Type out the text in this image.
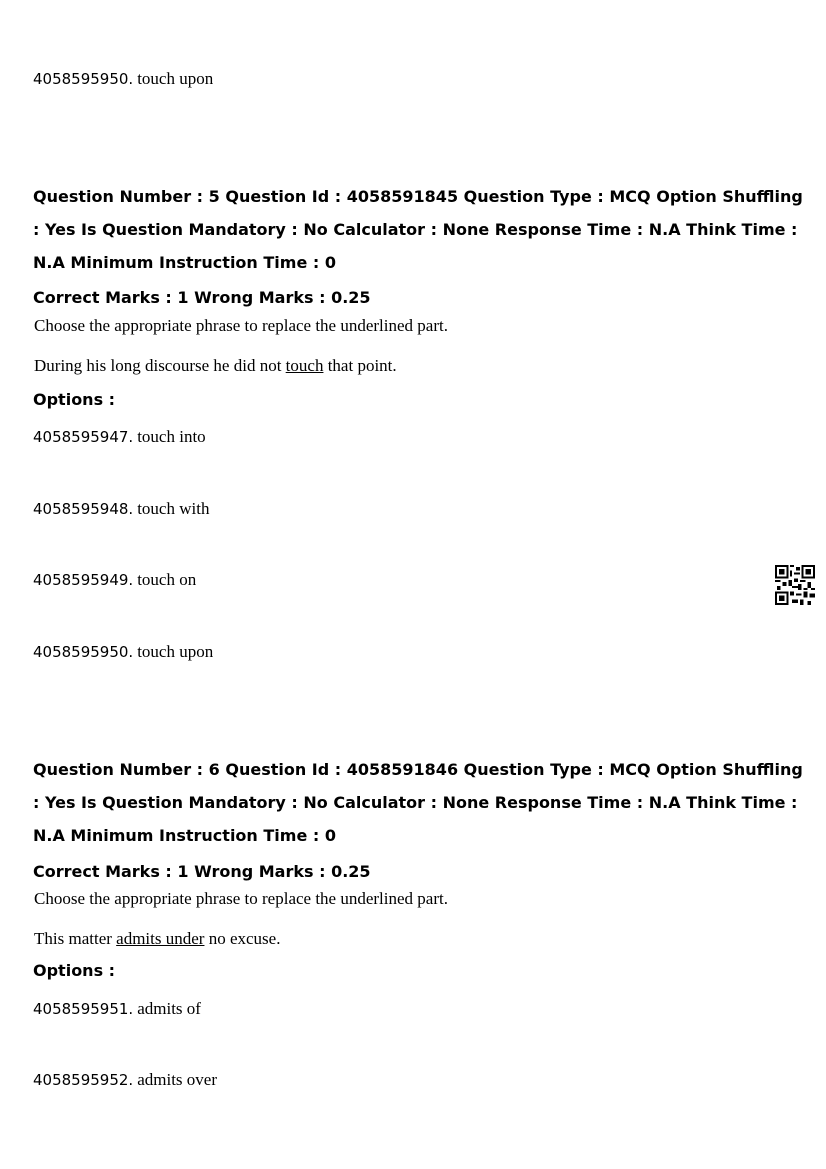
4058595950. touch upon
Question Number : 5 Question Id : 4058591845 Question Type : MCQ Option Shuffling : Yes Is Question Mandatory : No Calculator : None Response Time : N.A Think Time : N.A Minimum Instruction Time : 0
Correct Marks : 1 Wrong Marks : 0.25
Choose the appropriate phrase to replace the underlined part.
During his long discourse he did not touch that point.
Options :
4058595947. touch into
4058595948. touch with
4058595949. touch on
4058595950. touch upon
Question Number : 6 Question Id : 4058591846 Question Type : MCQ Option Shuffling : Yes Is Question Mandatory : No Calculator : None Response Time : N.A Think Time : N.A Minimum Instruction Time : 0
Correct Marks : 1 Wrong Marks : 0.25
Choose the appropriate phrase to replace the underlined part.
This matter admits under no excuse.
Options :
4058595951. admits of
4058595952. admits over
